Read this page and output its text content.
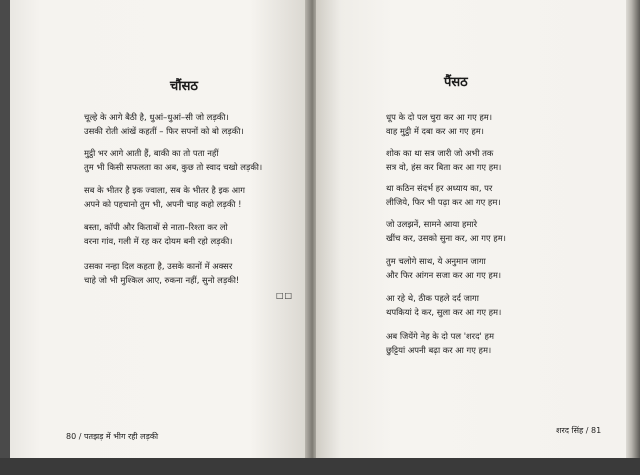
चौंसठ
चूल्हे के आगे बैठी है, धुआं–धुआं–सी जो लड़की।
उसकी रोती आंखें कहतीं – फिर सपनों को बो लड़की।
मुट्ठी भर आगे आती हैं, बाकी का तो पता नहीं
तुम भी किसी सफलता का अब, कुछ तो स्वाद चखो लड़की।
सब के भीतर है इक ज्वाला, सब के भीतर है इक आग
अपने को पहचानो तुम भी, अपनी चाह कहो लड़की !
बस्ता, कॉपी और किताबों से नाता–रिश्ता कर लो
वरना गांव, गली में रह कर दोयम बनी रहो लड़की।
उसका नन्हा दिल कहता है, उसके कानों में अक्सर
चाहे जो भी मुश्किल आए, रुकना नहीं, सुनो लड़की!
□□
80 / पतझड़ में भीग रही लड़की
पैंसठ
धूप के दो पल चुरा कर आ गए हम।
वाह मुट्ठी में दबा कर आ गए हम।
शोक का था सत्र जारी जो अभी तक
सत्र वो, हंस कर बिता कर आ गए हम।
था कठिन संदर्भ हर अध्याय का, पर
लीजिये, फिर भी पढ़ा कर आ गए हम।
जो उलझनें, सामने आया हमारे
खींच कर, उसको सुना कर, आ गए हम।
तुम चलोगे साथ, ये अनुमान जागा
और फिर आंगन सजा कर आ गए हम।
आ रहे थे, ठीक पहले दर्द जागा
थपकियां दे कर, सुला कर आ गए हम।
अब जियेंगे नेह के दो पल 'शरद' हम
छुट्टियां अपनी बढ़ा कर आ गए हम।
शरद सिंह / 81
